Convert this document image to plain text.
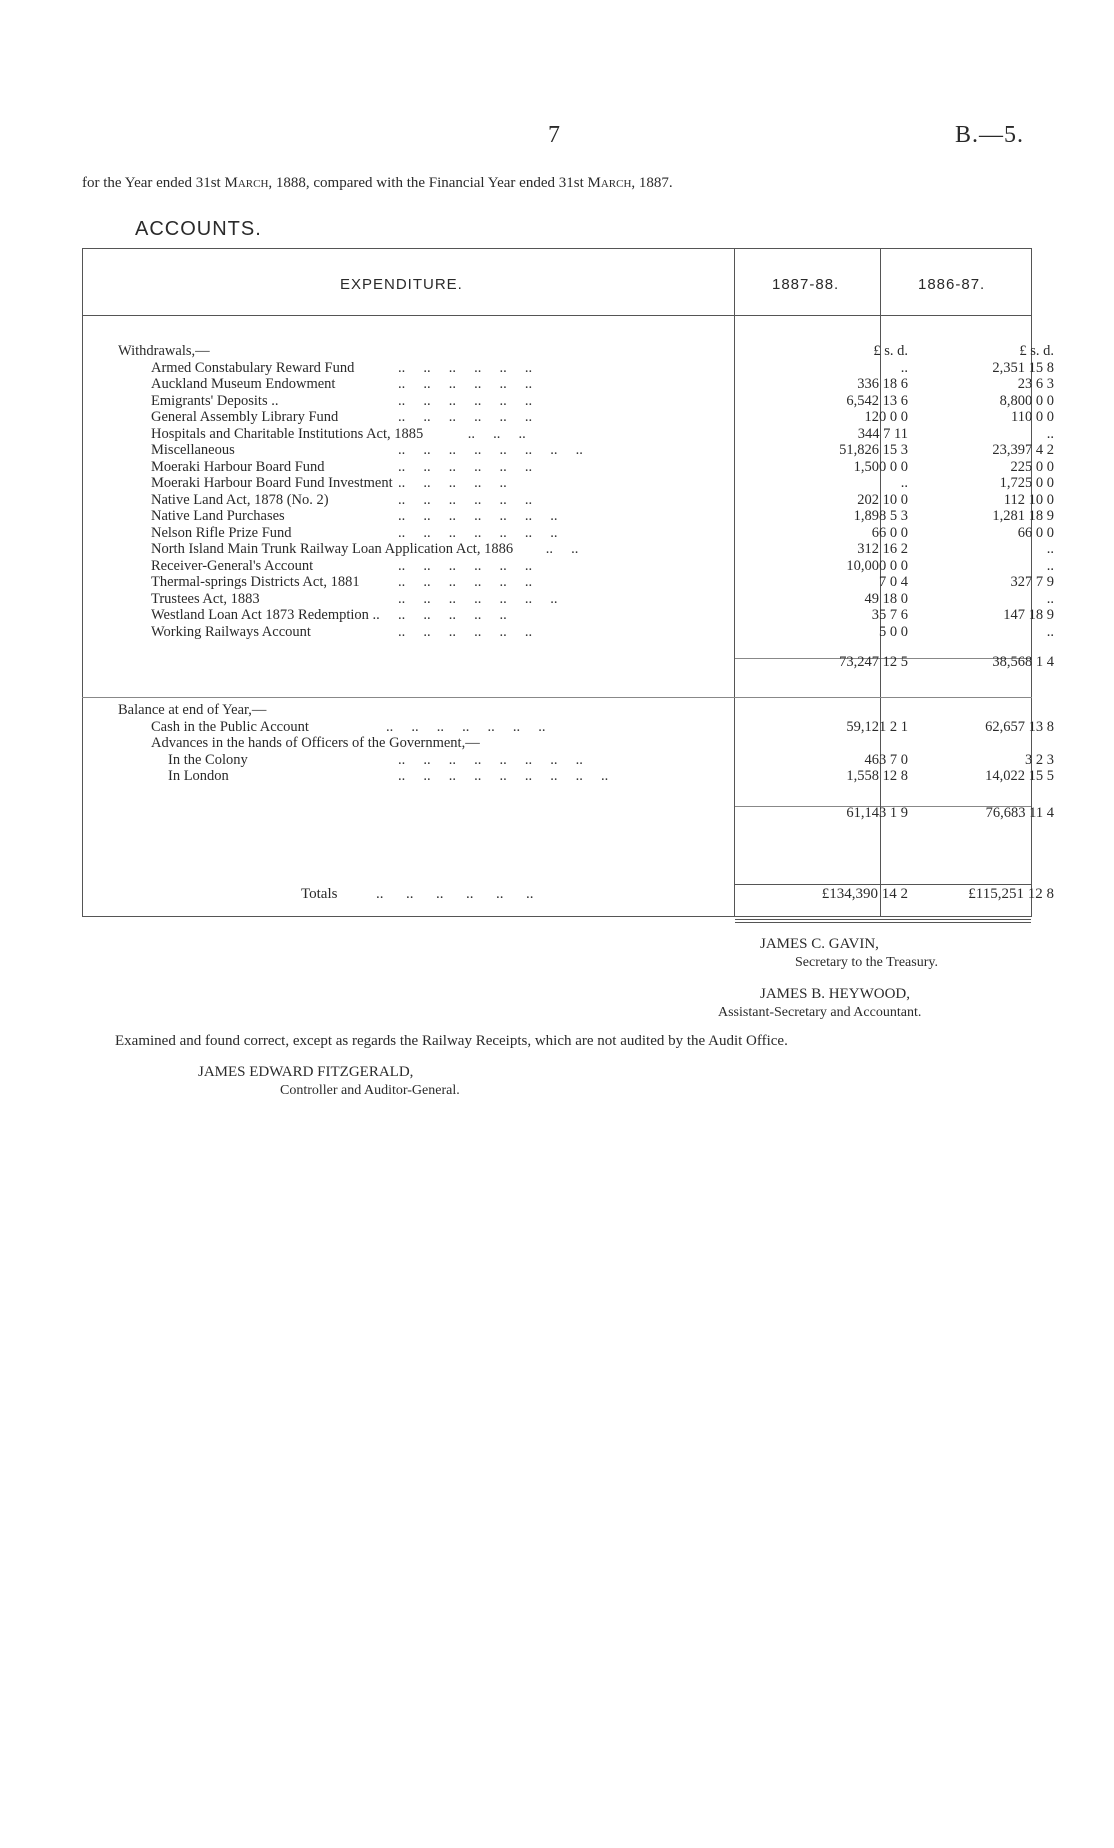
7	B.—5.
for the Year ended 31st March, 1888, compared with the Financial Year ended 31st March, 1887.
ACCOUNTS.
EXPENDITURE.	1887-88.	1886-87.
Withdrawals,—	£ s. d.	£ s. d.
Armed Constabulary Reward Fund	..     ..     ..     ..     ..     ..	..	2,351 15 8
Auckland Museum Endowment	..     ..     ..     ..     ..     ..	336 18 6	23 6 3
Emigrants' Deposits ..	..     ..     ..     ..     ..     ..	6,542 13 6	8,800 0 0
General Assembly Library Fund	..     ..     ..     ..     ..     ..	120 0 0	110 0 0
Hospitals and Charitable Institutions Act, 1885	..     ..     ..	344 7 11	..
Miscellaneous	..     ..     ..     ..     ..     ..     ..     ..	51,826 15 3	23,397 4 2
Moeraki Harbour Board Fund	..     ..     ..     ..     ..     ..	1,500 0 0	225 0 0
Moeraki Harbour Board Fund Investment ..     ..     ..     ..     ..	..	1,725 0 0
Native Land Act, 1878 (No. 2)	..     ..     ..     ..     ..     ..	202 10 0	112 10 0
Native Land Purchases	..     ..     ..     ..     ..     ..     ..	1,898 5 3	1,281 18 9
Nelson Rifle Prize Fund	..     ..     ..     ..     ..     ..     ..	66 0 0	66 0 0
North Island Main Trunk Railway Loan Application Act, 1886 ..     ..	312 16 2	..
Receiver-General's Account	..     ..     ..     ..     ..     ..	10,000 0 0	..
Thermal-springs Districts Act, 1881	..     ..     ..     ..     ..     ..	7 0 4	327 7 9
Trustees Act, 1883	..     ..     ..     ..     ..     ..     ..	49 18 0	..
Westland Loan Act 1873 Redemption .. ..     ..     ..     ..     ..	35 7 6	147 18 9
Working Railways Account	..     ..     ..     ..     ..     ..	5 0 0	..
73,247 12 5	38,568 1 4
Balance at end of Year,—
Cash in the Public Account	..     ..     ..     ..     ..     ..     ..	59,121 2 1	62,657 13 8
Advances in the hands of Officers of the Government,—
In the Colony	..     ..     ..     ..     ..     ..     ..     ..	463 7 0	3 2 3
In London	..     ..     ..     ..     ..     ..     ..     ..     ..	1,558 12 8	14,022 15 5
61,143 1 9	76,683 11 4
Totals	..      ..      ..      ..      ..      ..	£134,390 14 2	£115,251 12 8
JAMES C. GAVIN,
Secretary to the Treasury.
JAMES B. HEYWOOD,
Assistant-Secretary and Accountant.
Examined and found correct, except as regards the Railway Receipts, which are not audited by the Audit Office.
JAMES EDWARD FITZGERALD,
Controller and Auditor-General.
